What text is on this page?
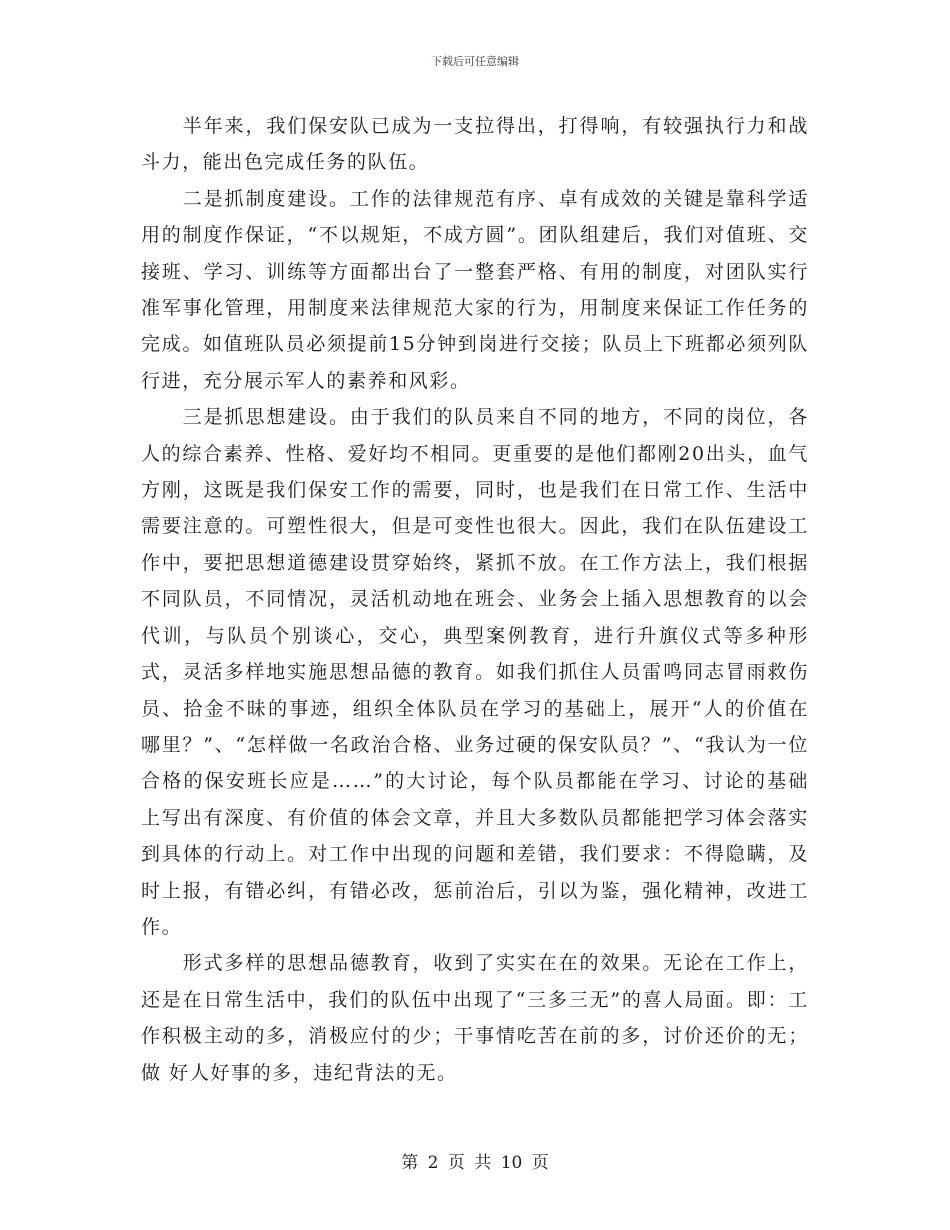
下载后可任意编辑

半年来，我们保安队已成为一支拉得出，打得响，有较强执行力和战斗力，能出色完成任务的队伍。

二是抓制度建设。工作的法律规范有序、卓有成效的关键是靠科学适用的制度作保证，“不以规矩，不成方圆”。团队组建后，我们对值班、交接班、学习、训练等方面都出台了一整套严格、有用的制度，对团队实行准军事化管理，用制度来法律规范大家的行为，用制度来保证工作任务的完成。如值班队员必须提前15分钟到岗进行交接；队员上下班都必须列队行进，充分展示军人的素养和风彩。

三是抓思想建设。由于我们的队员来自不同的地方，不同的岗位，各人的综合素养、性格、爱好均不相同。更重要的是他们都刚20出头，血气方刚，这既是我们保安工作的需要，同时，也是我们在日常工作、生活中需要注意的。可塑性很大，但是可变性也很大。因此，我们在队伍建设工作中，要把思想道德建设贯穿始终，紧抓不放。在工作方法上，我们根据不同队员，不同情况，灵活机动地在班会、业务会上插入思想教育的以会代训，与队员个别谈心，交心，典型案例教育，进行升旗仪式等多种形式，灵活多样地实施思想品德的教育。如我们抓住人员雷鸣同志冒雨救伤员、拾金不昧的事迹，组织全体队员在学习的基础上，展开“人的价值在哪里？”、“怎样做一名政治合格、业务过硬的保安队员？”、“我认为一位合格的保安班长应是……”的大讨论，每个队员都能在学习、讨论的基础上写出有深度、有价值的体会文章，并且大多数队员都能把学习体会落实到具体的行动上。对工作中出现的问题和差错，我们要求：不得隐瞒，及时上报，有错必纠，有错必改，惩前治后，引以为鉴，强化精神，改进工作。

形式多样的思想品德教育，收到了实实在在的效果。无论在工作上，还是在日常生活中，我们的队伍中出现了“三多三无”的喜人局面。即：工作积极主动的多，消极应付的少；干事情吃苦在前的多，讨价还价的无；做 好人好事的多，违纪背法的无。

第 2 页 共 10 页
